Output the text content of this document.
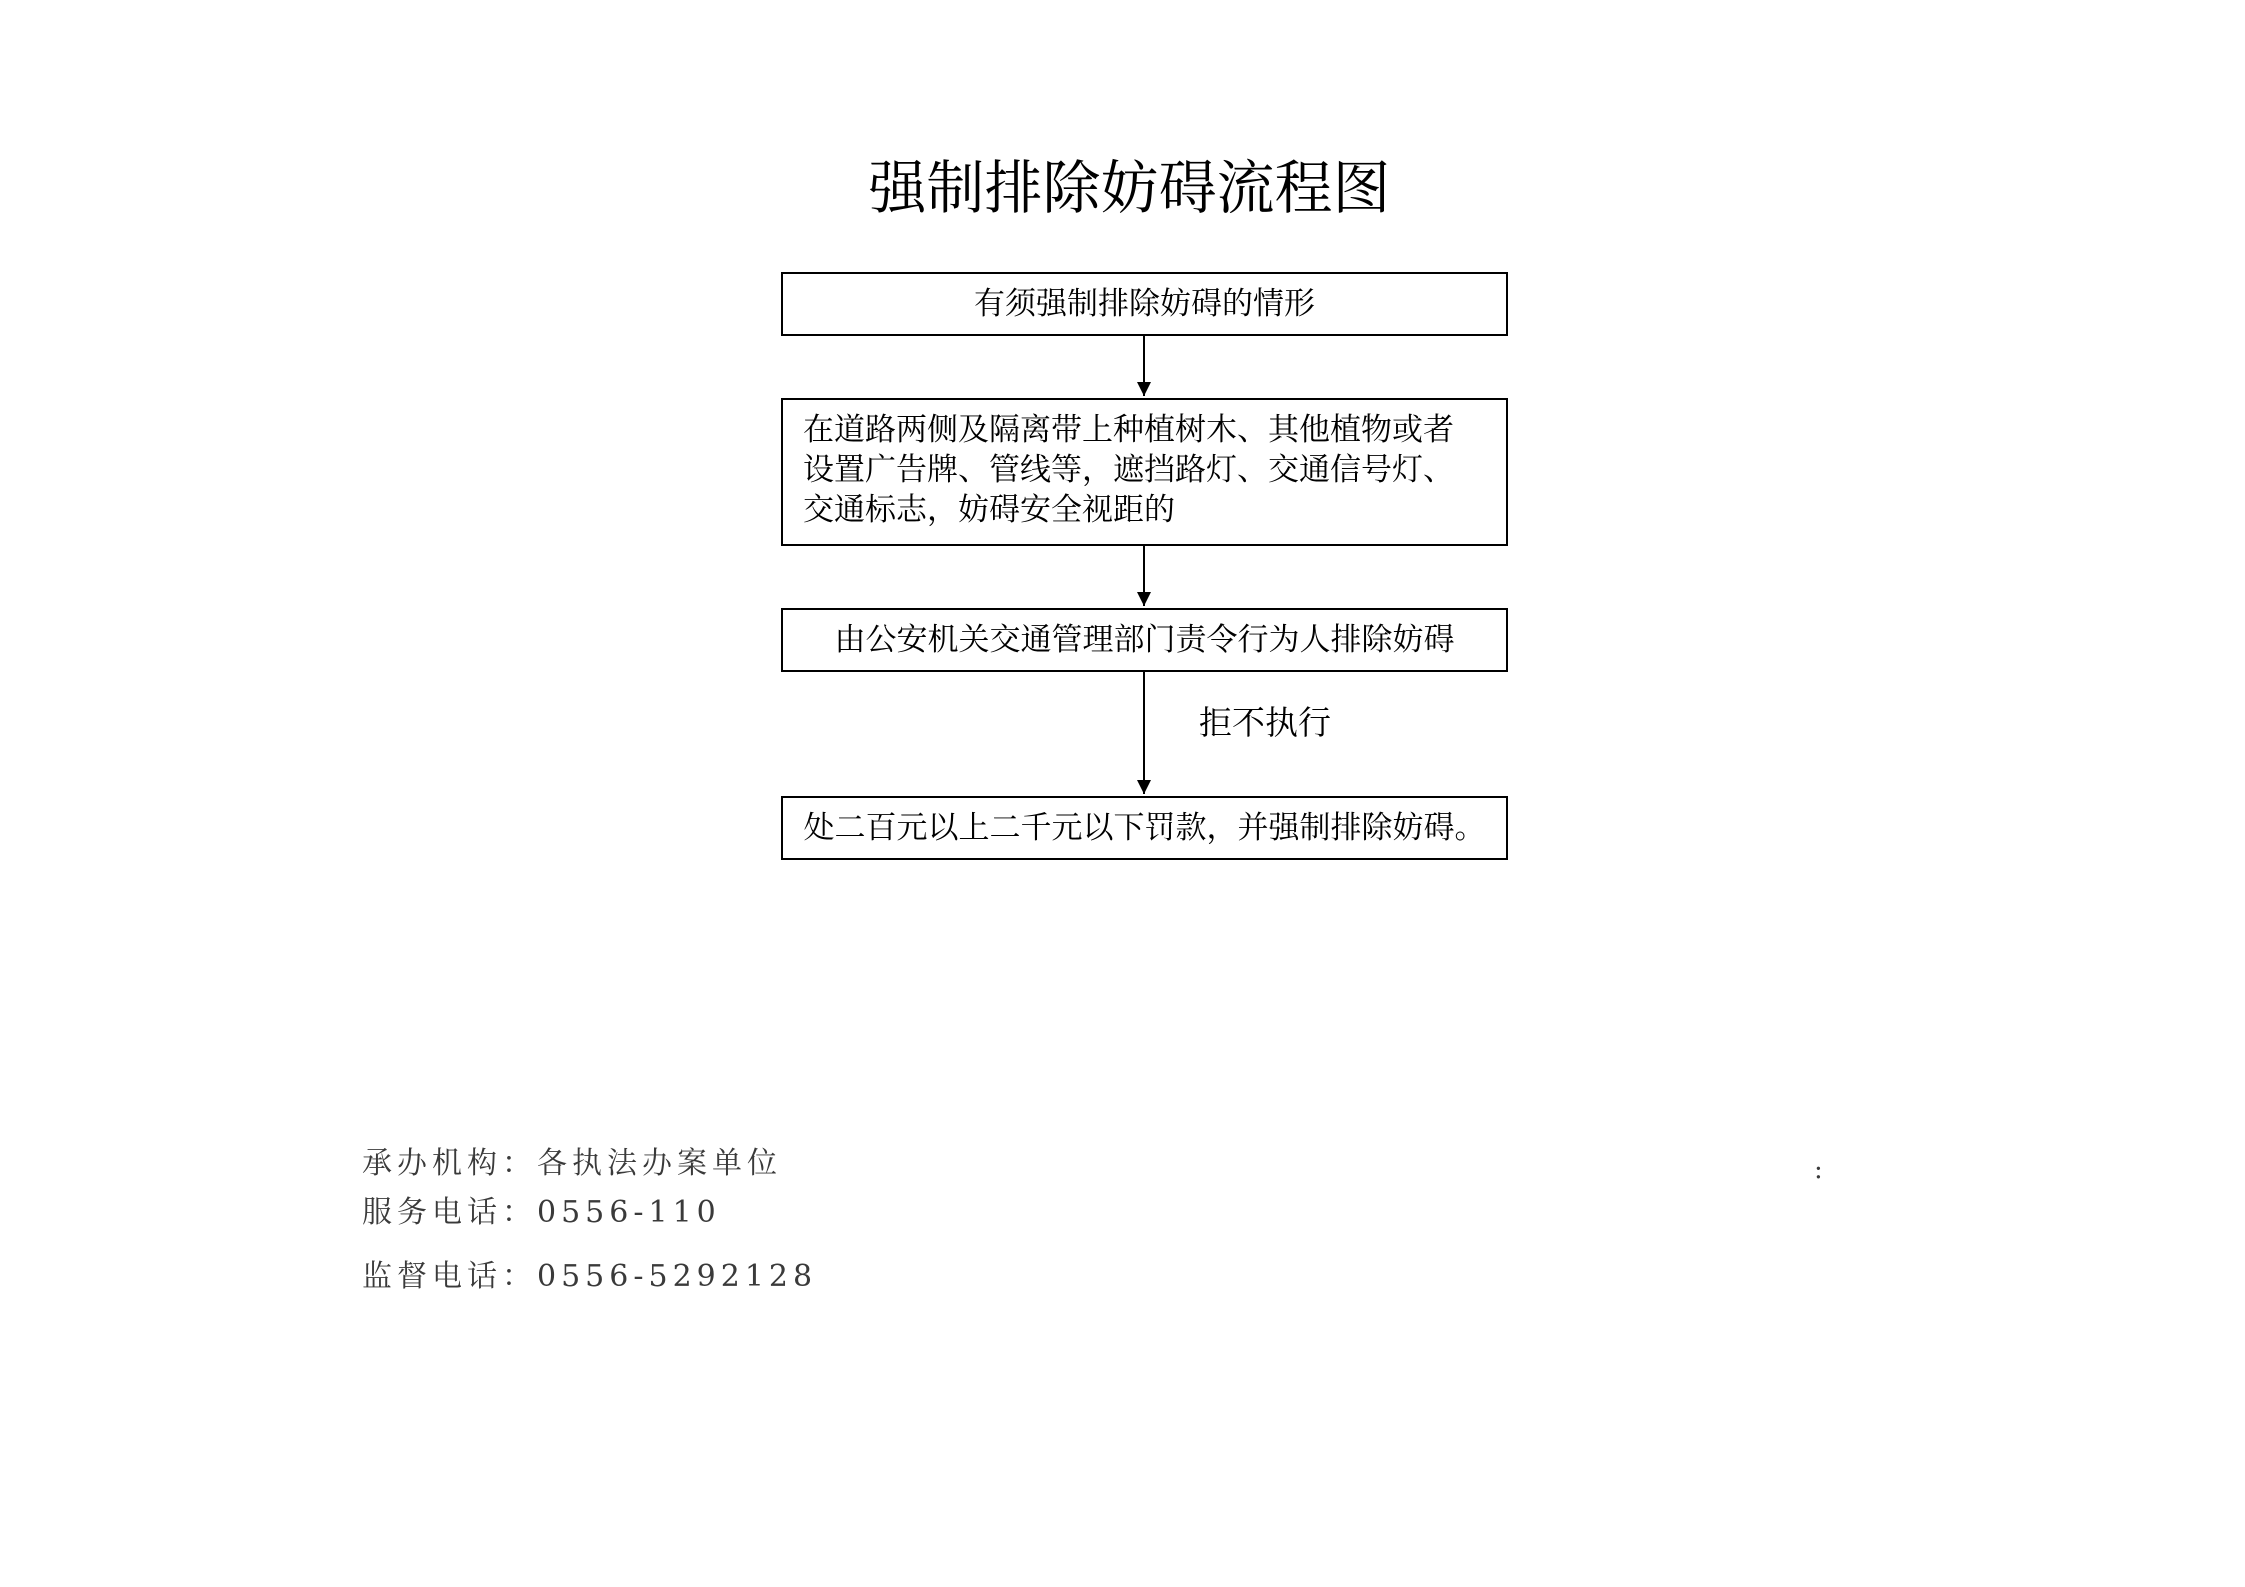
强制排除妨碍流程图
有须强制排除妨碍的情形
在道路两侧及隔离带上种植树木、其他植物或者
设置广告牌、管线等，遮挡路灯、交通信号灯、
交通标志，妨碍安全视距的
由公安机关交通管理部门责令行为人排除妨碍
拒不执行
处二百元以上二千元以下罚款，并强制排除妨碍。
承办机构：各执法办案单位
服务电话：0556-110
监督电话：0556-5292128
:
